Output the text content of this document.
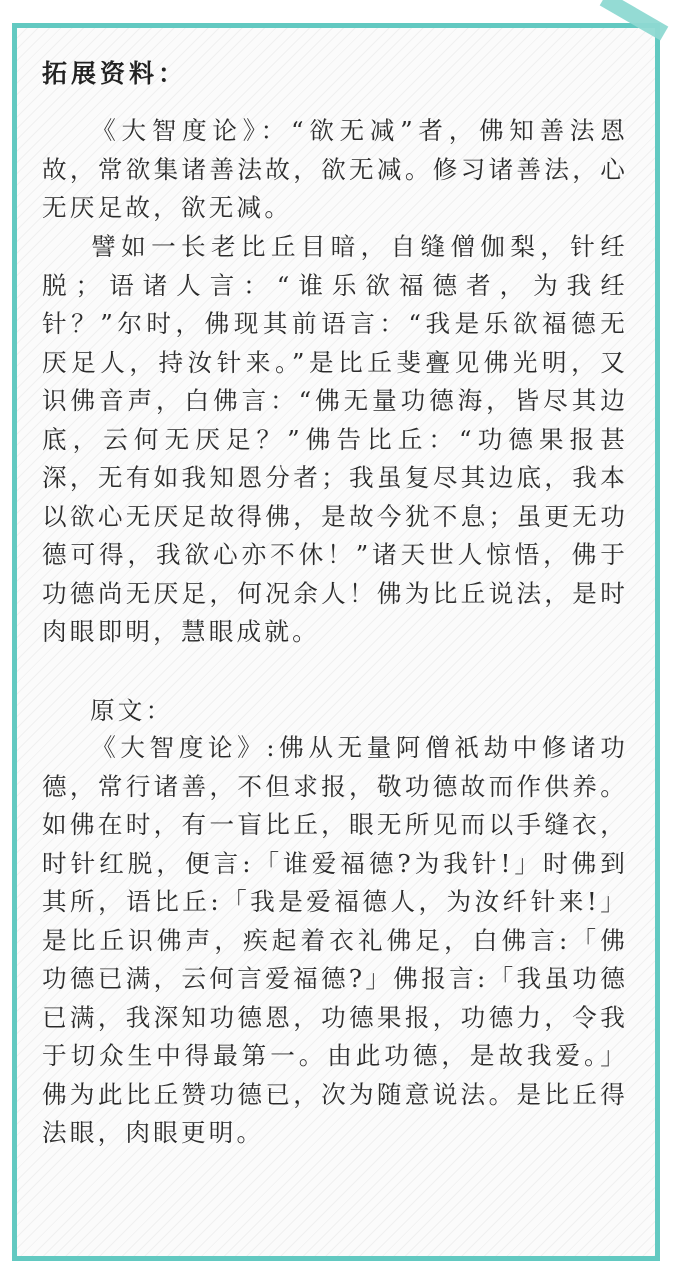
拓展资料：

《大智度论》：“欲无减”者，佛知善法恩故，常欲集诸善法故，欲无减。修习诸善法，心无厌足故，欲无减。

譬如一长老比丘目暗，自缝僧伽梨，针纴脱；语诸人言：“谁乐欲福德者，为我纴针？”尔时，佛现其前语言：“我是乐欲福德无厌足人，持汝针来。”是比丘斐亹见佛光明，又识佛音声，白佛言：“佛无量功德海，皆尽其边底，云何无厌足？”佛告比丘：“功德果报甚深，无有如我知恩分者；我虽复尽其边底，我本以欲心无厌足故得佛，是故今犹不息；虽更无功德可得，我欲心亦不休！”诸天世人惊悟，佛于功德尚无厌足，何况余人！佛为比丘说法，是时肉眼即明，慧眼成就。

原文：

《大智度论》:佛从无量阿僧祇劫中修诸功德，常行诸善，不但求报，敬功德故而作供养。如佛在时，有一盲比丘，眼无所见而以手缝衣，时针红脱，便言:「谁爱福德?为我针!」时佛到其所，语比丘:「我是爱福德人，为汝纤针来!」是比丘识佛声，疾起着衣礼佛足，白佛言:「佛功德已满，云何言爱福德?」佛报言:「我虽功德已满，我深知功德恩，功德果报，功德力，令我于切众生中得最第一。由此功德，是故我爱。」佛为此比丘赞功德已，次为随意说法。是比丘得法眼，肉眼更明。
